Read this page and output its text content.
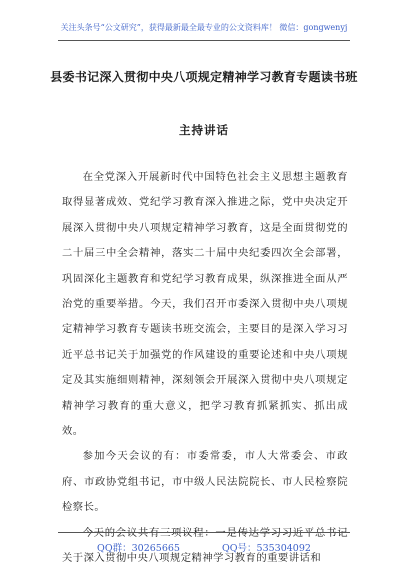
关注头条号“公文研究”，获得最新最全最专业的公文资料库！ 微信：gongwenyj
县委书记深入贯彻中央八项规定精神学习教育专题读书班
主持讲话

在全党深入开展新时代中国特色社会主义思想主题教育取得显著成效、党纪学习教育深入推进之际，党中央决定开展深入贯彻中央八项规定精神学习教育，这是全面贯彻党的二十届三中全会精神，落实二十届中央纪委四次全会部署，巩固深化主题教育和党纪学习教育成果，纵深推进全面从严治党的重要举措。今天，我们召开市委深入贯彻中央八项规定精神学习教育专题读书班交流会，主要目的是深入学习习近平总书记关于加强党的作风建设的重要论述和中央八项规定及其实施细则精神，深刻领会开展深入贯彻中央八项规定精神学习教育的重大意义，把学习教育抓紧抓实、抓出成效。

参加今天会议的有：市委常委，市人大常委会、市政府、市政协党组书记，市中级人民法院院长、市人民检察院检察长。

今天的会议共有三项议程：一是传达学习习近平总书记关于深入贯彻中央八项规定精神学习教育的重要讲话和

QQ群：30265665	QQ号：535304092
